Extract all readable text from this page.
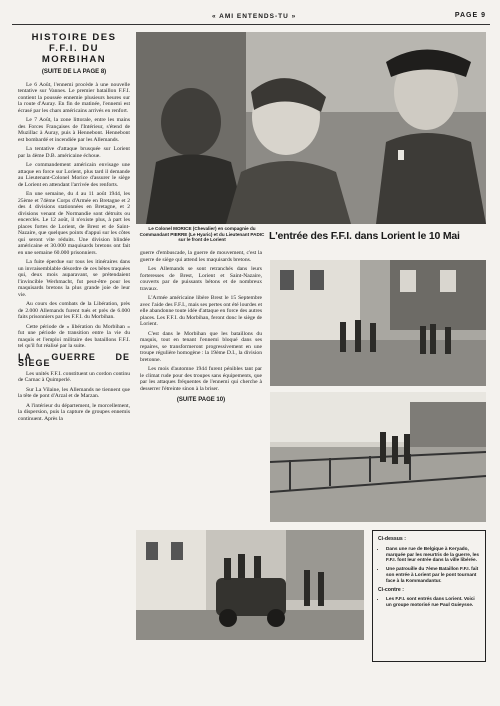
« AMI ENTENDS-TU »	PAGE 9
HISTOIRE DES F.F.I. DU MORBIHAN
(SUITE DE LA PAGE 8)

Le 6 Août, l'ennemi procède à une nouvelle tentative sur Vannes. Le premier bataillon F.F.I. contient la poussée ennemie plusieurs heures sur la route d'Auray. En fin de matinée, l'ennemi est écrasé par les chars américains arrivés en renfort.

Le 7 Août, la zone littorale, entre les mains des Forces Françaises de l'Intérieur, s'étend de Muzillac à Auray, puis à Hennebont. Hennebont est bombardé et incendiée par les Allemands.

La tentative d'attaque brusquée sur Lorient par la 4ème D.B. américaine échoue.

Le commandement américain envisage une attaque en force sur Lorient, plus tard il demande au Lieutenant-Colonel Morice d'assurer le siège de Lorient en attendant l'arrivée des renforts.

En une semaine, du 4 au 11 août 1944, les 25ème et 74ème Corps d'Armée en Bretagne et 2 des 4 divisions stationnées en Bretagne, et 2 divisions venant de Normandie sont détruits ou encerclés. Le 12 août, il n'existe plus, à part les places fortes de Lorient, de Brest et de Saint-Nazaire, que quelques points d'appui sur les côtes qui seront vite réduits. Une division blindée américaine et 30.000 maquisards bretons ont fait en une semaine 60.000 prisonniers.

La fuite éperdue sur tous les itinéraires dans un invraisemblable désordre de ces bêtes traquées qui, deux mois auparavant, se prétendaient l'invincible Werhmacht, fut peut-être pour les maquisards bretons la plus grande joie de leur vie.

Au cours des combats de la Libération, près de 2.000 Allemands furent tués et près de 6.000 faits prisonniers par les F.F.I. du Morbihan.

Cette période de « libération du Morbihan » fut une période de transition entre la vie du maquis et l'emploi militaire des bataillons F.F.I. tel qu'il fut réalisé par la suite.

LA GUERRE DE SIEGE

Les unités F.F.I. constituent un cordon continu de Carnac à Quimperlé.

Sur La Vilaine, les Allemands ne tiennent que la tête de pont d'Arzal et de Marzan.

A l'intérieur du département, le morcellement, la dispersion, puis la capture de groupes ennemis continuent. Après la

Le Colonel MORICE (Chevalier) en compagnie du Commandant PIERRE (Le Hyaric) et du Lieutenant PADIC sur le front de Lorient	L'entrée des F.F.I. dans Lorient le 10 Mai

guerre d'embuscade, la guerre de mouvement, c'est la guerre de siège qui attend les maquisards bretons.

Les Allemands se sont retranchés dans leurs forteresses de Brest, Lorient et Saint-Nazaire, couverts par de puissants bétons et de nombreux travaux.

L'Armée américaine libère Brest le 15 Septembre avec l'aide des F.F.I., mais ses pertes ont été lourdes et elle abandonne toute idée d'attaque en force des autres places. Les F.F.I. du Morbihan, feront donc le siège de Lorient.

C'est dans le Morbihan que les bataillons du maquis, tout en tenant l'ennemi bloqué dans ses repaires, se transformeront progressivement en une troupe régulière homogène : la 19ème D.I., la division bretonne.

Les mois d'automne 1944 furent pénibles tant par le climat rude pour des troupes sans équipements, que par les attaques fréquentes de l'ennemi qui cherche à desserrer l'étreinte sinon à la briser.

(SUITE PAGE 10)
Ci-dessus :
• Dans une rue de Belgique à Keryado, marquée par les meurtris de la guerre, les F.F.I. font leur entrée dans la ville libérée.
• Une patrouille du 7ème Bataillon F.F.I. fait son entrée à Lorient par le pont tournant face à la Kommandantur.
Ci-contre :
• Les F.F.I. sont entrés dans Lorient. Voici un groupe motorisé rue Paul Guieysse.
